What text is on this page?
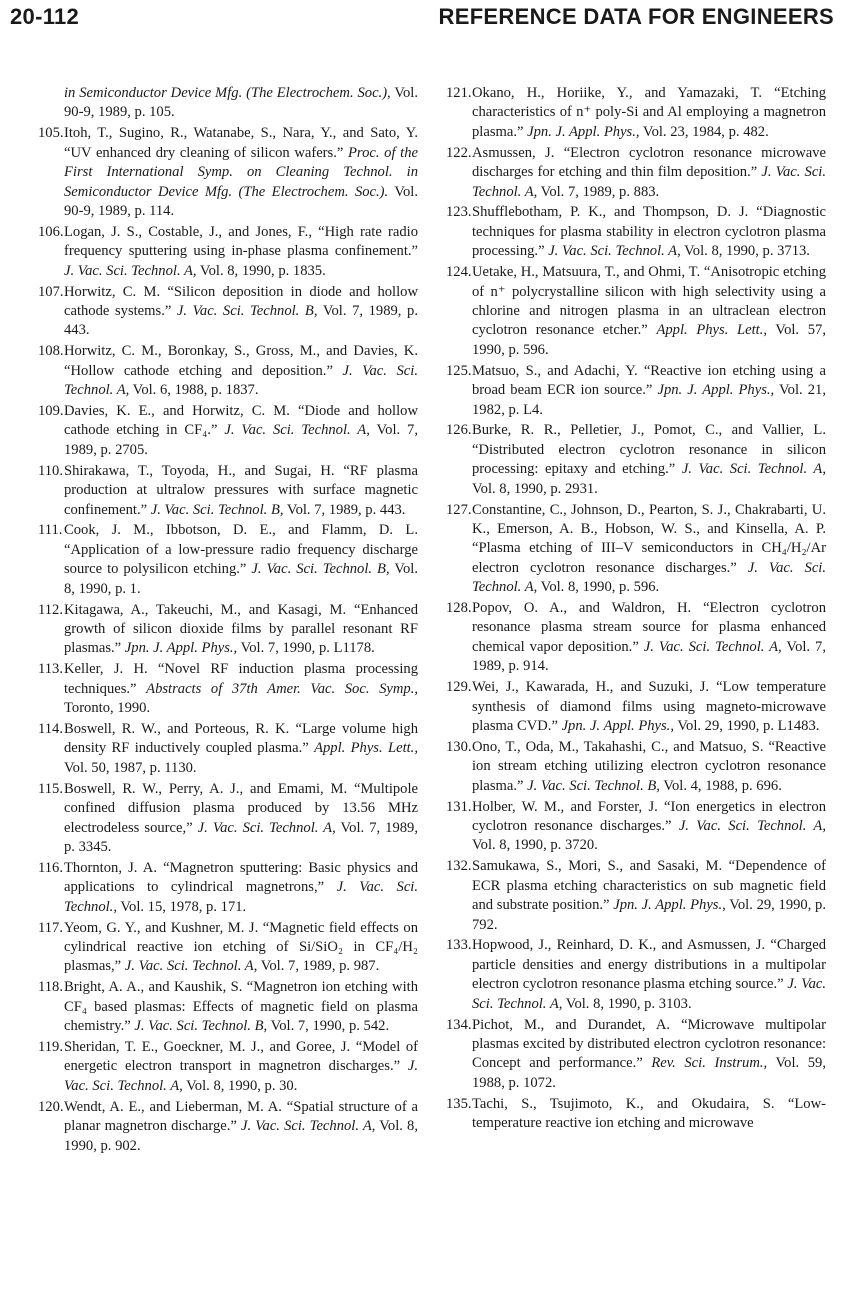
20-112	REFERENCE DATA FOR ENGINEERS

in Semiconductor Device Mfg. (The Electrochem. Soc.), Vol. 90-9, 1989, p. 105.

105.Itoh, T., Sugino, R., Watanabe, S., Nara, Y., and Sato, Y. “UV enhanced dry cleaning of silicon wafers.” Proc. of the First International Symp. on Cleaning Technol. in Semiconductor Device Mfg. (The Electrochem. Soc.). Vol. 90-9, 1989, p. 114.

106.Logan, J. S., Costable, J., and Jones, F., “High rate radio frequency sputtering using in-phase plasma confinement.” J. Vac. Sci. Technol. A, Vol. 8, 1990, p. 1835.

107.Horwitz, C. M. “Silicon deposition in diode and hollow cathode systems.” J. Vac. Sci. Technol. B, Vol. 7, 1989, p. 443.

108.Horwitz, C. M., Boronkay, S., Gross, M., and Davies, K. “Hollow cathode etching and deposition.” J. Vac. Sci. Technol. A, Vol. 6, 1988, p. 1837.

109.Davies, K. E., and Horwitz, C. M. “Diode and hollow cathode etching in CF₄.” J. Vac. Sci. Technol. A, Vol. 7, 1989, p. 2705.

110.Shirakawa, T., Toyoda, H., and Sugai, H. “RF plasma production at ultralow pressures with surface magnetic confinement.” J. Vac. Sci. Technol. B, Vol. 7, 1989, p. 443.

111. Cook, J. M., Ibbotson, D. E., and Flamm, D. L. “Application of a low-pressure radio frequency discharge source to polysilicon etching.” J. Vac. Sci. Technol. B, Vol. 8, 1990, p. 1.

112.Kitagawa, A., Takeuchi, M., and Kasagi, M. “Enhanced growth of silicon dioxide films by parallel resonant RF plasmas.” Jpn. J. Appl. Phys., Vol. 7, 1990, p. L1178.

113.Keller, J. H. “Novel RF induction plasma processing techniques.” Abstracts of 37th Amer. Vac. Soc. Symp., Toronto, 1990.

114.Boswell, R. W., and Porteous, R. K. “Large volume high density RF inductively coupled plasma.” Appl. Phys. Lett., Vol. 50, 1987, p. 1130.

115.Boswell, R. W., Perry, A. J., and Emami, M. “Multipole confined diffusion plasma produced by 13.56 MHz electrodeless source,” J. Vac. Sci. Technol. A, Vol. 7, 1989, p. 3345.

116.Thornton, J. A. “Magnetron sputtering: Basic physics and applications to cylindrical magnetrons,” J. Vac. Sci. Technol., Vol. 15, 1978, p. 171.

117.Yeom, G. Y., and Kushner, M. J. “Magnetic field effects on cylindrical reactive ion etching of Si/SiO₂ in CF₄/H₂ plasmas,” J. Vac. Sci. Technol. A, Vol. 7, 1989, p. 987.

118.Bright, A. A., and Kaushik, S. “Magnetron ion etching with CF₄ based plasmas: Effects of magnetic field on plasma chemistry.” J. Vac. Sci. Technol. B, Vol. 7, 1990, p. 542.

119.Sheridan, T. E., Goeckner, M. J., and Goree, J. “Model of energetic electron transport in magnetron discharges.” J. Vac. Sci. Technol. A, Vol. 8, 1990, p. 30.

120.Wendt, A. E., and Lieberman, M. A. “Spatial structure of a planar magnetron discharge.” J. Vac. Sci. Technol. A, Vol. 8, 1990, p. 902.

121.Okano, H., Horiike, Y., and Yamazaki, T. “Etching characteristics of n⁺ poly-Si and Al employing a magnetron plasma.” Jpn. J. Appl. Phys., Vol. 23, 1984, p. 482.

122.Asmussen, J. “Electron cyclotron resonance microwave discharges for etching and thin film deposition.” J. Vac. Sci. Technol. A, Vol. 7, 1989, p. 883.

123.Shufflebotham, P. K., and Thompson, D. J. “Diagnostic techniques for plasma stability in electron cyclotron plasma processing.” J. Vac. Sci. Technol. A, Vol. 8, 1990, p. 3713.

124.Uetake, H., Matsuura, T., and Ohmi, T. “Anisotropic etching of n⁺ polycrystalline silicon with high selectivity using a chlorine and nitrogen plasma in an ultraclean electron cyclotron resonance etcher.” Appl. Phys. Lett., Vol. 57, 1990, p. 596.

125.Matsuo, S., and Adachi, Y. “Reactive ion etching using a broad beam ECR ion source.” Jpn. J. Appl. Phys., Vol. 21, 1982, p. L4.

126.Burke, R. R., Pelletier, J., Pomot, C., and Vallier, L. “Distributed electron cyclotron resonance in silicon processing: epitaxy and etching.” J. Vac. Sci. Technol. A, Vol. 8, 1990, p. 2931.

127.Constantine, C., Johnson, D., Pearton, S. J., Chakrabarti, U. K., Emerson, A. B., Hobson, W. S., and Kinsella, A. P. “Plasma etching of III–V semiconductors in CH₄/H₂/Ar electron cyclotron resonance discharges.” J. Vac. Sci. Technol. A, Vol. 8, 1990, p. 596.

128.Popov, O. A., and Waldron, H. “Electron cyclotron resonance plasma stream source for plasma enhanced chemical vapor deposition.” J. Vac. Sci. Technol. A, Vol. 7, 1989, p. 914.

129.Wei, J., Kawarada, H., and Suzuki, J. “Low temperature synthesis of diamond films using magneto-microwave plasma CVD.” Jpn. J. Appl. Phys., Vol. 29, 1990, p. L1483.

130.Ono, T., Oda, M., Takahashi, C., and Matsuo, S. “Reactive ion stream etching utilizing electron cyclotron resonance plasma.” J. Vac. Sci. Technol. B, Vol. 4, 1988, p. 696.

131.Holber, W. M., and Forster, J. “Ion energetics in electron cyclotron resonance discharges.” J. Vac. Sci. Technol. A, Vol. 8, 1990, p. 3720.

132.Samukawa, S., Mori, S., and Sasaki, M. “Dependence of ECR plasma etching characteristics on sub magnetic field and substrate position.” Jpn. J. Appl. Phys., Vol. 29, 1990, p. 792.

133.Hopwood, J., Reinhard, D. K., and Asmussen, J. “Charged particle densities and energy distributions in a multipolar electron cyclotron resonance plasma etching source.” J. Vac. Sci. Technol. A, Vol. 8, 1990, p. 3103.

134.Pichot, M., and Durandet, A. “Microwave multipolar plasmas excited by distributed electron cyclotron resonance: Concept and performance.” Rev. Sci. Instrum., Vol. 59, 1988, p. 1072.

135.Tachi, S., Tsujimoto, K., and Okudaira, S. “Low-temperature reactive ion etching and microwave
